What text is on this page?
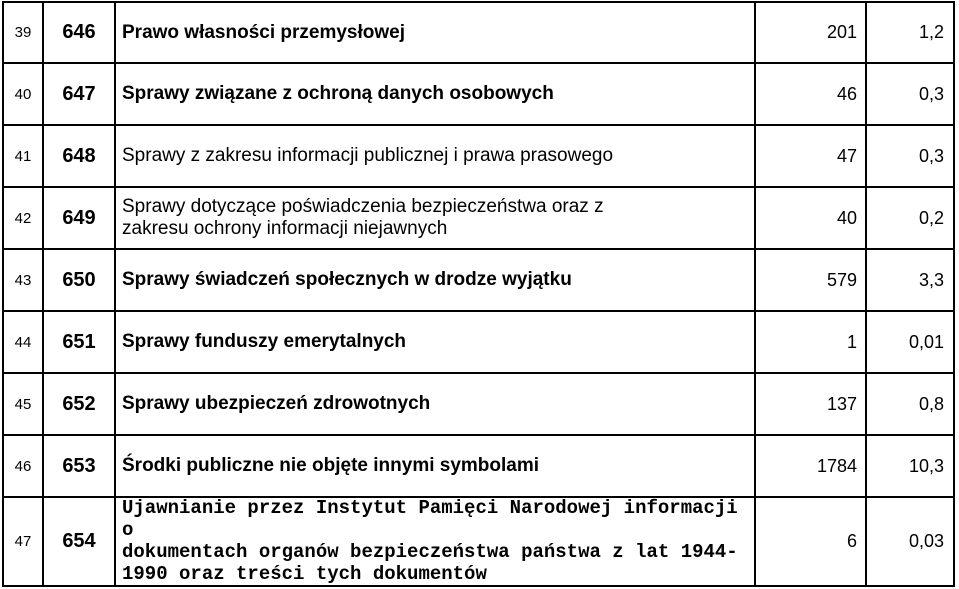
39	646	Prawo własności przemysłowej	201	1,2
40	647	Sprawy związane z ochroną danych osobowych	46	0,3
41	648	Sprawy z zakresu informacji publicznej i prawa prasowego	47	0,3
42	649	Sprawy dotyczące poświadczenia bezpieczeństwa oraz z
zakresu ochrony informacji niejawnych	40	0,2
43	650	Sprawy świadczeń społecznych w drodze wyjątku	579	3,3
44	651	Sprawy funduszy emerytalnych	1	0,01
45	652	Sprawy ubezpieczeń zdrowotnych	137	0,8
46	653	Środki publiczne nie objęte innymi symbolami	1784	10,3
47	654	Ujawnianie przez Instytut Pamięci Narodowej informacji o
dokumentach organów bezpieczeństwa państwa z lat 1944-
1990 oraz treści tych dokumentów	6	0,03
